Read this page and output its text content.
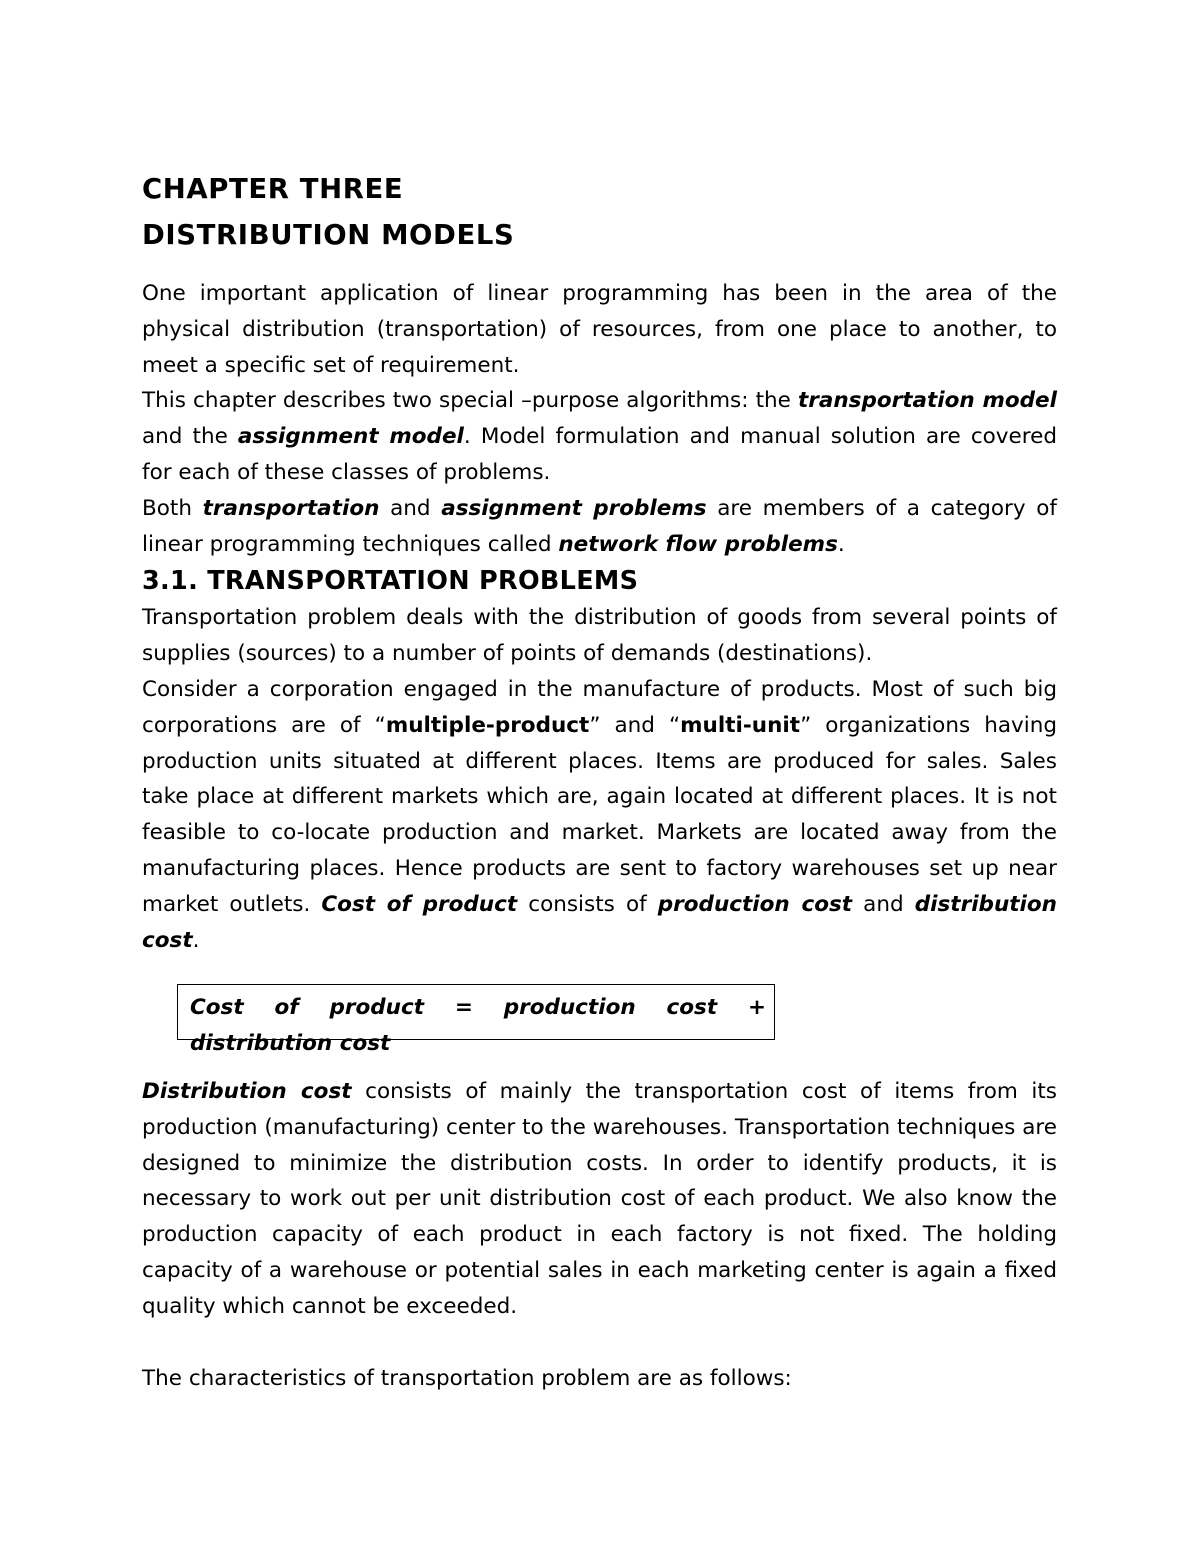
CHAPTER THREE

DISTRIBUTION MODELS

One important application of linear programming has been in the area of the physical distribution (transportation) of resources, from one place to another, to meet a specific set of requirement.

This chapter describes two special –purpose algorithms: the transportation model and the assignment model. Model formulation and manual solution are covered for each of these classes of problems.

Both transportation and assignment problems are members of a category of linear programming techniques called network flow problems.

3.1. TRANSPORTATION PROBLEMS

Transportation problem deals with the distribution of goods from several points of supplies (sources) to a number of points of demands (destinations).

Consider a corporation engaged in the manufacture of products. Most of such big corporations are of “multiple-product” and “multi-unit” organizations having production units situated at different places. Items are produced for sales. Sales take place at different markets which are, again located at different places. It is not feasible to co-locate production and market. Markets are located away from the manufacturing places. Hence products are sent to factory warehouses set up near market outlets. Cost of product consists of production cost and distribution cost.

Cost of product = production cost +
distribution cost

Distribution cost consists of mainly the transportation cost of items from its production (manufacturing) center to the warehouses. Transportation techniques are designed to minimize the distribution costs. In order to identify products, it is necessary to work out per unit distribution cost of each product. We also know the production capacity of each product in each factory is not fixed. The holding capacity of a warehouse or potential sales in each marketing center is again a fixed quality which cannot be exceeded.

The characteristics of transportation problem are as follows:
